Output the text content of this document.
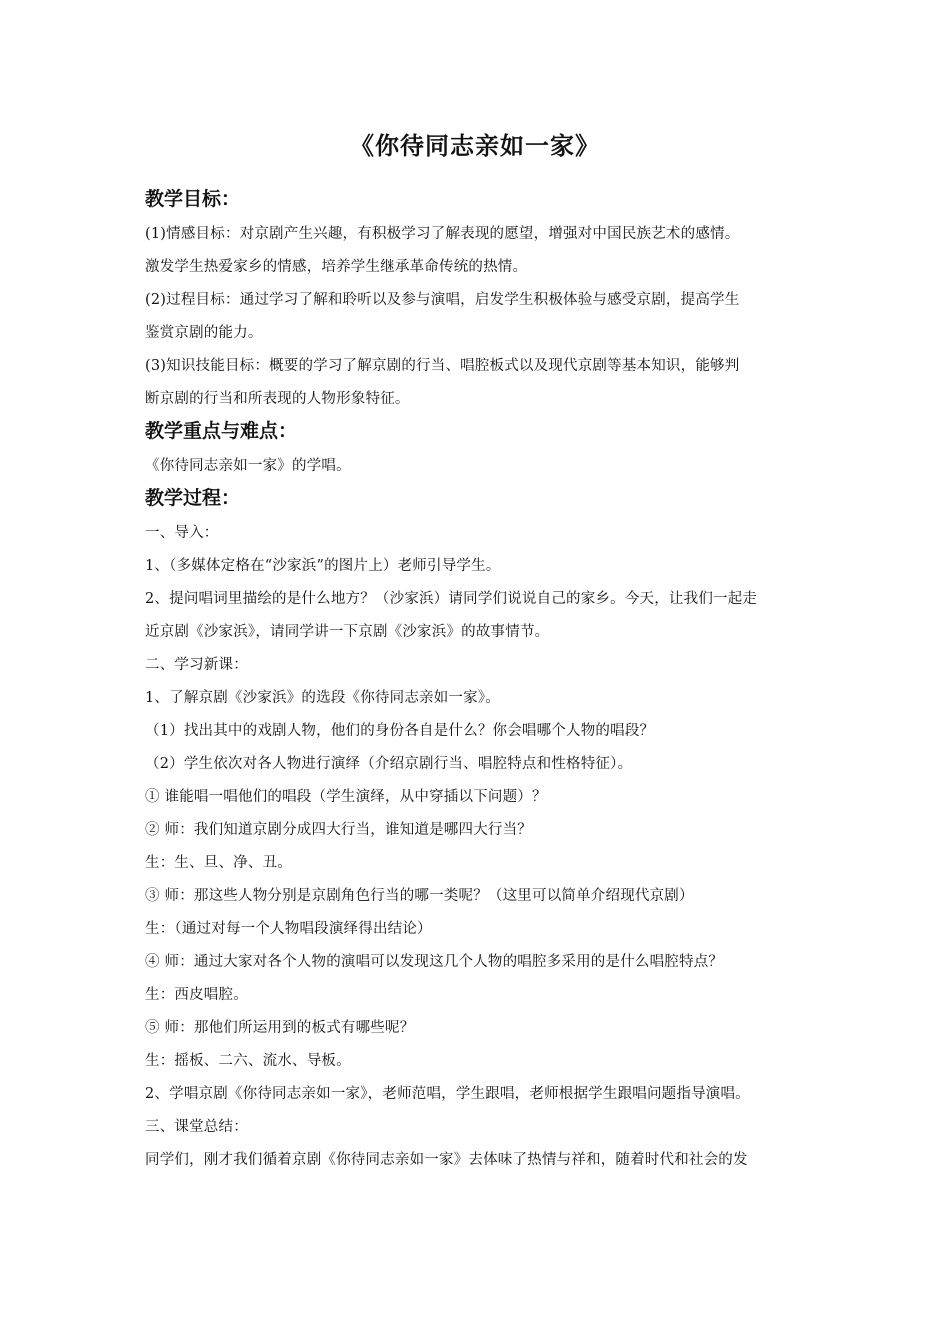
《你待同志亲如一家》
教学目标：
(1)情感目标：对京剧产生兴趣，有积极学习了解表现的愿望，增强对中国民族艺术的感情。
激发学生热爱家乡的情感，培养学生继承革命传统的热情。
(2)过程目标：通过学习了解和聆听以及参与演唱，启发学生积极体验与感受京剧，提高学生
鉴赏京剧的能力。
(3)知识技能目标：概要的学习了解京剧的行当、唱腔板式以及现代京剧等基本知识，能够判
断京剧的行当和所表现的人物形象特征。
教学重点与难点：
《你待同志亲如一家》的学唱。
教学过程：
一、导入：
1、（多媒体定格在“沙家浜”的图片上）老师引导学生。
2、提问唱词里描绘的是什么地方？（沙家浜）请同学们说说自己的家乡。今天，让我们一起走
近京剧《沙家浜》，请同学讲一下京剧《沙家浜》的故事情节。
二、学习新课：
1、了解京剧《沙家浜》的选段《你待同志亲如一家》。
（1）找出其中的戏剧人物，他们的身份各自是什么？你会唱哪个人物的唱段？
（2）学生依次对各人物进行演绎（介绍京剧行当、唱腔特点和性格特征）。
① 谁能唱一唱他们的唱段（学生演绎，从中穿插以下问题）？
② 师：我们知道京剧分成四大行当，谁知道是哪四大行当？
生：生、旦、净、丑。
③ 师：那这些人物分别是京剧角色行当的哪一类呢？（这里可以简单介绍现代京剧）
生：（通过对每一个人物唱段演绎得出结论）
④ 师：通过大家对各个人物的演唱可以发现这几个人物的唱腔多采用的是什么唱腔特点？
生：西皮唱腔。
⑤ 师：那他们所运用到的板式有哪些呢？
生：摇板、二六、流水、导板。
2、学唱京剧《你待同志亲如一家》，老师范唱，学生跟唱，老师根据学生跟唱问题指导演唱。
三、课堂总结：
同学们，刚才我们循着京剧《你待同志亲如一家》去体味了热情与祥和，随着时代和社会的发
